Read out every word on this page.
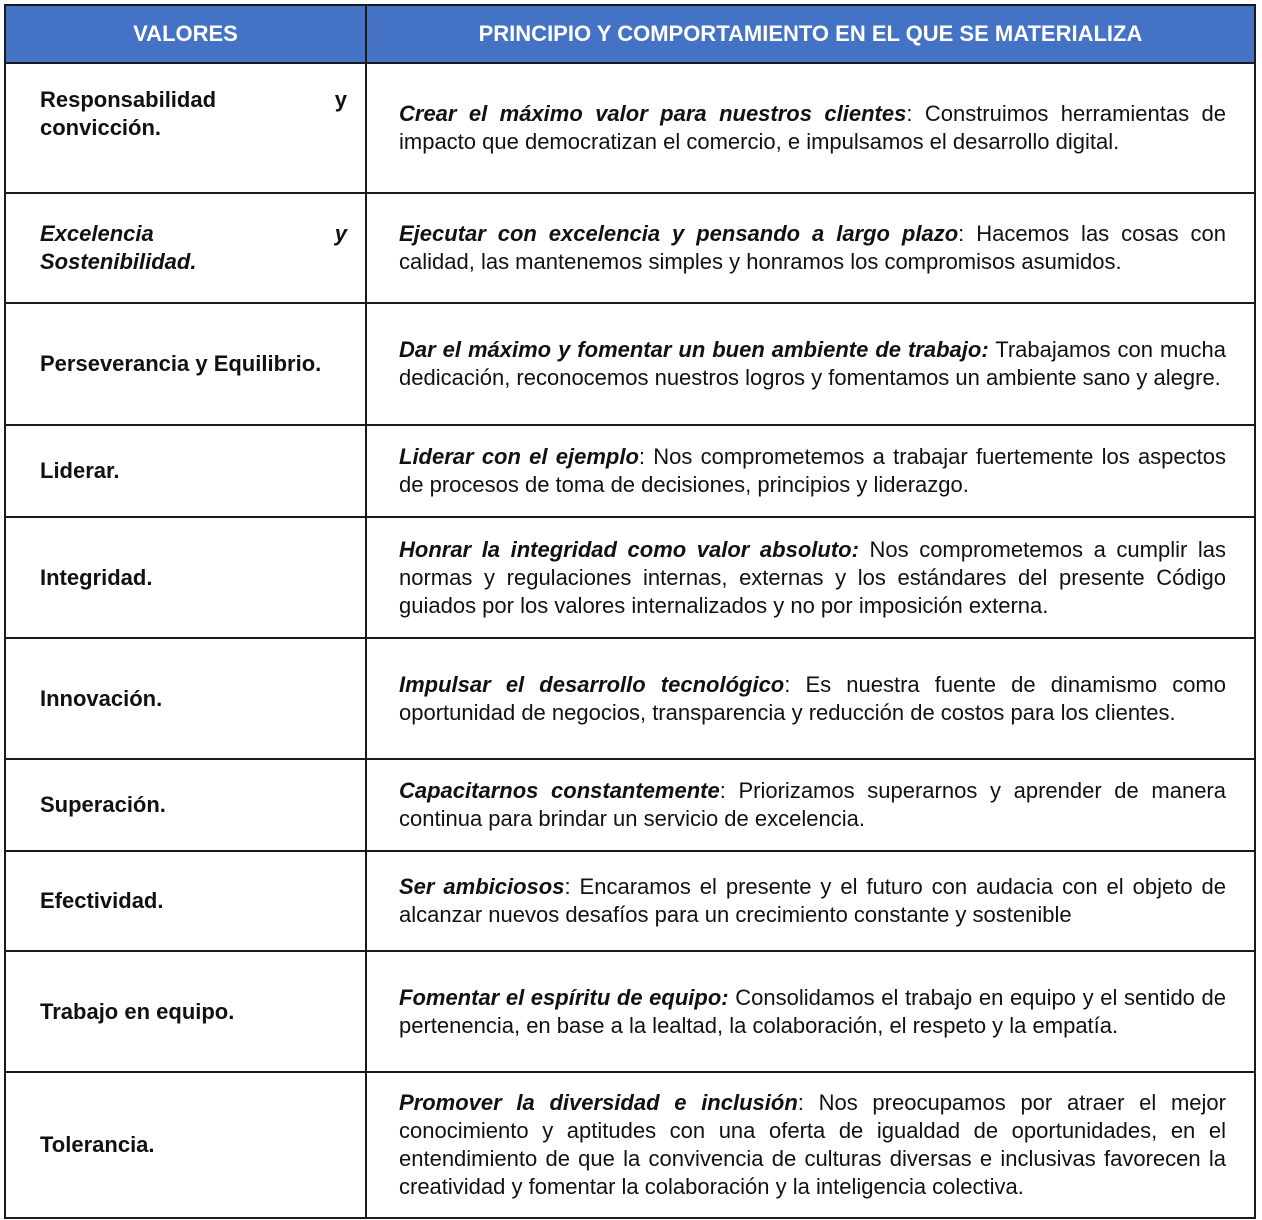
VALORES	PRINCIPIO Y COMPORTAMIENTO EN EL QUE SE MATERIALIZA

Responsabilidad y
convicción.	Crear el máximo valor para nuestros clientes: Construimos herramientas de impacto que democratizan el comercio, e impulsamos el desarrollo digital.

Excelencia y
Sostenibilidad.	Ejecutar con excelencia y pensando a largo plazo: Hacemos las cosas con calidad, las mantenemos simples y honramos los compromisos asumidos.
Perseverancia y Equilibrio.	Dar el máximo y fomentar un buen ambiente de trabajo: Trabajamos con mucha dedicación, reconocemos nuestros logros y fomentamos un ambiente sano y alegre.
Liderar.	Liderar con el ejemplo: Nos comprometemos a trabajar fuertemente los aspectos de procesos de toma de decisiones, principios y liderazgo.
Integridad.	Honrar la integridad como valor absoluto: Nos comprometemos a cumplir las normas y regulaciones internas, externas y los estándares del presente Código guiados por los valores internalizados y no por imposición externa.
Innovación.	Impulsar el desarrollo tecnológico: Es nuestra fuente de dinamismo como oportunidad de negocios, transparencia y reducción de costos para los clientes.
Superación.	Capacitarnos constantemente: Priorizamos superarnos y aprender de manera continua para brindar un servicio de excelencia.
Efectividad.	Ser ambiciosos: Encaramos el presente y el futuro con audacia con el objeto de alcanzar nuevos desafíos para un crecimiento constante y sostenible
Trabajo en equipo.	Fomentar el espíritu de equipo: Consolidamos el trabajo en equipo y el sentido de pertenencia, en base a la lealtad, la colaboración, el respeto y la empatía.
Tolerancia.	Promover la diversidad e inclusión: Nos preocupamos por atraer el mejor conocimiento y aptitudes con una oferta de igualdad de oportunidades, en el entendimiento de que la convivencia de culturas diversas e inclusivas favorecen la creatividad y fomentar la colaboración y la inteligencia colectiva.
